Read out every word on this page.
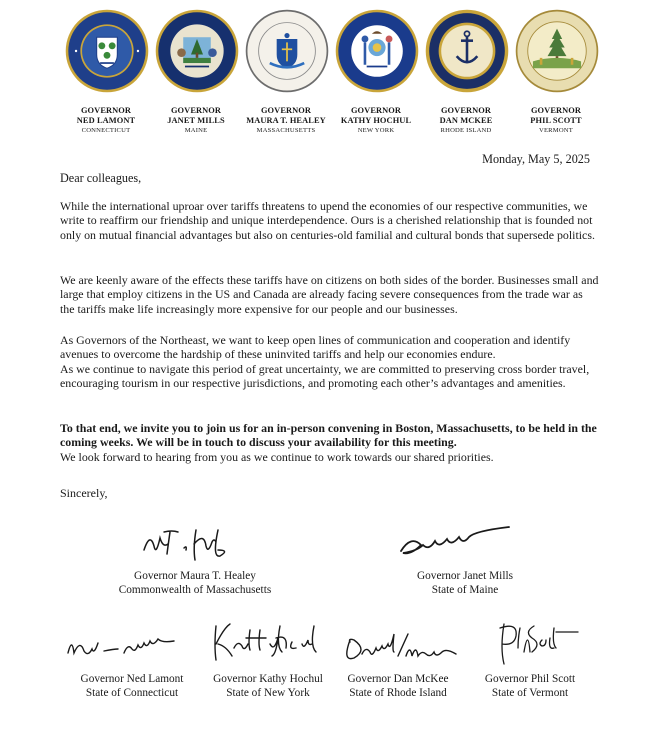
GOVERNOR
NED LAMONT
CONNECTICUT
GOVERNOR
JANET MILLS
MAINE
GOVERNOR
MAURA T. HEALEY
MASSACHUSETTS
GOVERNOR
KATHY HOCHUL
NEW YORK
GOVERNOR
DAN MCKEE
RHODE ISLAND
GOVERNOR
PHIL SCOTT
VERMONT
Monday, May 5, 2025
Dear colleagues,

While the international uproar over tariffs threatens to upend the economies of our respective communities, we write to reaffirm our friendship and unique interdependence. Ours is a cherished relationship that is founded not only on mutual financial advantages but also on centuries-old familial and cultural bonds that supersede politics.

We are keenly aware of the effects these tariffs have on citizens on both sides of the border. Businesses small and large that employ citizens in the US and Canada are already facing severe consequences from the trade war as the tariffs make life increasingly more expensive for our people and our businesses.

As Governors of the Northeast, we want to keep open lines of communication and cooperation and identify avenues to overcome the hardship of these uninvited tariffs and help our economies endure.
As we continue to navigate this period of great uncertainty, we are committed to preserving cross border travel, encouraging tourism in our respective jurisdictions, and promoting each other’s advantages and amenities.
To that end, we invite you to join us for an in-person convening in Boston, Massachusetts, to be held in the coming weeks. We will be in touch to discuss your availability for this meeting.
We look forward to hearing from you as we continue to work towards our shared priorities.
Sincerely,
Governor Maura T. Healey
Commonwealth of Massachusetts
Governor Janet Mills
State of Maine
Governor Ned Lamont
State of Connecticut
Governor Kathy Hochul
State of New York
Governor Dan McKee
State of Rhode Island
Governor Phil Scott
State of Vermont
